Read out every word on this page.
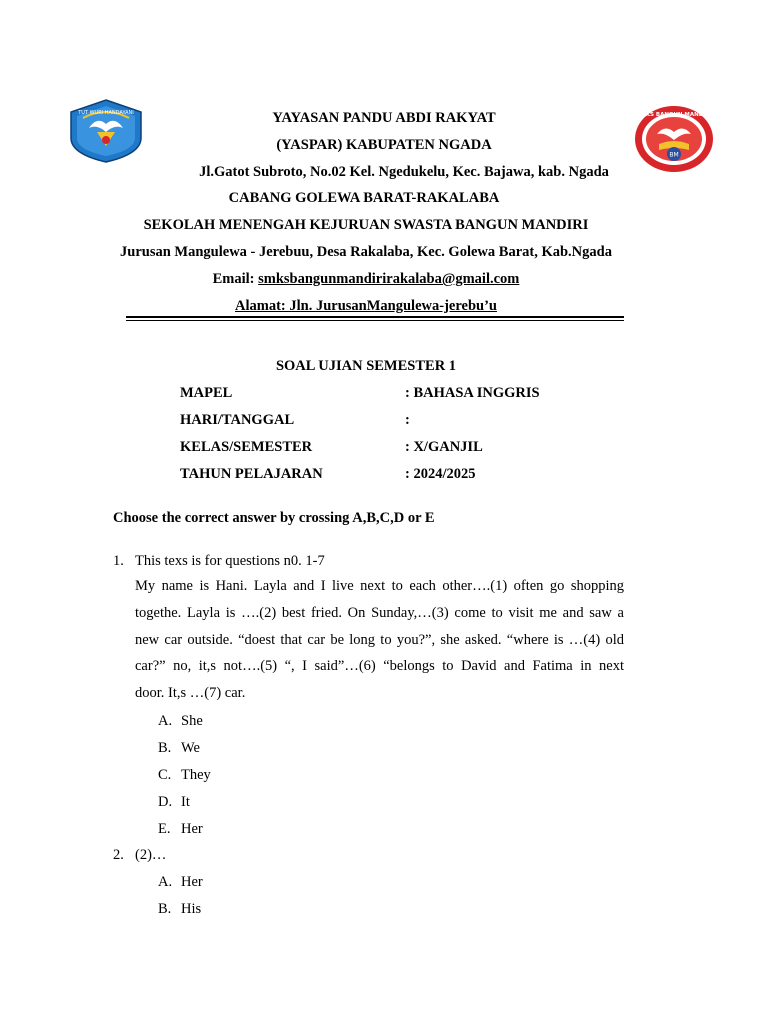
TUT WURI HANDAYANI
BM
SMKS BANGUN MANDIRI
YAYASAN PANDU ABDI RAKYAT
(YASPAR) KABUPATEN NGADA
Jl.Gatot Subroto, No.02 Kel. Ngedukelu, Kec. Bajawa, kab. Ngada
CABANG GOLEWA BARAT-RAKALABA
SEKOLAH MENENGAH KEJURUAN SWASTA BANGUN MANDIRI
Jurusan Mangulewa - Jerebuu, Desa Rakalaba, Kec. Golewa Barat, Kab.Ngada
Email: smksbangunmandirirakalaba@gmail.com
Alamat: Jln. JurusanMangulewa-jerebu’u
SOAL UJIAN SEMESTER 1
MAPEL	: BAHASA INGGRIS
HARI/TANGGAL	:
KELAS/SEMESTER	: X/GANJIL
TAHUN PELAJARAN	: 2024/2025
Choose the correct answer by crossing A,B,C,D or E
1. This texs is for questions n0. 1-7
My name is Hani. Layla and I live next to each other….(1) often go shopping
togethe. Layla is ….(2) best fried. On Sunday,…(3) come to visit me and saw a
new car outside. “doest that car be long to you?”, she asked. “where is …(4) old
car?” no, it,s not….(5) “, I said”…(6) “belongs to David and Fatima in next
door. It,s …(7) car.
A. She
B. We
C. They
D. It
E. Her
2. (2)…
A. Her
B. His
